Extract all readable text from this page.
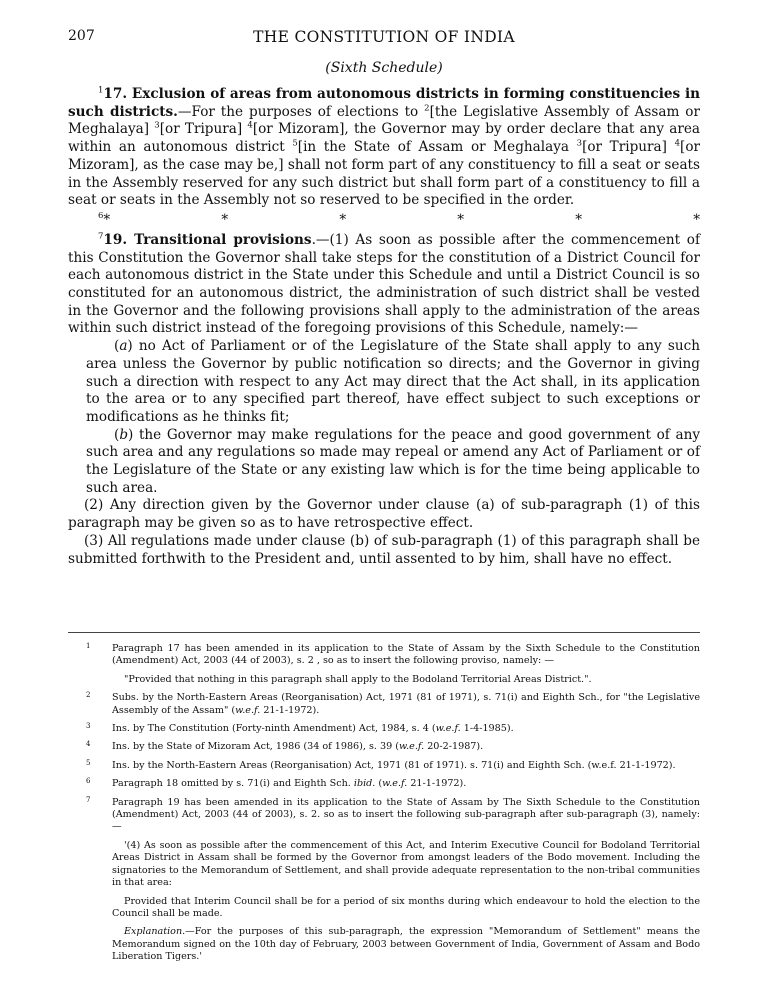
207	THE CONSTITUTION OF INDIA
(Sixth Schedule)

$^1$17. Exclusion of areas from autonomous districts in forming constituencies in such districts.—For the purposes of elections to $^2$[the Legislative Assembly of Assam or Meghalaya] $^3$[or Tripura] $^4$[or Mizoram], the Governor may by order declare that any area within an autonomous district $^5$[in the State of Assam or Meghalaya $^3$[or Tripura] $^4$[or Mizoram], as the case may be,] shall not form part of any constituency to fill a seat or seats in the Assembly reserved for any such district but shall form part of a constituency to fill a seat or seats in the Assembly not so reserved to be specified in the order.

6*	*	*	*	*	*

$^7$19. Transitional provisions.—(1) As soon as possible after the commencement of this Constitution the Governor shall take steps for the constitution of a District Council for each autonomous district in the State under this Schedule and until a District Council is so constituted for an autonomous district, the administration of such district shall be vested in the Governor and the following provisions shall apply to the administration of the areas within such district instead of the foregoing provisions of this Schedule, namely:—

(a) no Act of Parliament or of the Legislature of the State shall apply to any such area unless the Governor by public notification so directs; and the Governor in giving such a direction with respect to any Act may direct that the Act shall, in its application to the area or to any specified part thereof, have effect subject to such exceptions or modifications as he thinks fit;

(b) the Governor may make regulations for the peace and good government of any such area and any regulations so made may repeal or amend any Act of Parliament or of the Legislature of the State or any existing law which is for the time being applicable to such area.

(2) Any direction given by the Governor under clause (a) of sub-paragraph (1) of this paragraph may be given so as to have retrospective effect.

(3) All regulations made under clause (b) of sub-paragraph (1) of this paragraph shall be submitted forthwith to the President and, until assented to by him, shall have no effect.

1 Paragraph 17 has been amended in its application to the State of Assam by the Sixth Schedule to the Constitution (Amendment) Act, 2003 (44 of 2003), s. 2 , so as to insert the following proviso, namely: —
"Provided that nothing in this paragraph shall apply to the Bodoland Territorial Areas District.".
2 Subs. by the North-Eastern Areas (Reorganisation) Act, 1971 (81 of 1971), s. 71(i) and Eighth Sch., for "the Legislative Assembly of the Assam" (w.e.f. 21-1-1972).
3 Ins. by The Constitution (Forty-ninth Amendment) Act, 1984, s. 4 (w.e.f. 1-4-1985).
4 Ins. by the State of Mizoram Act, 1986 (34 of 1986), s. 39 (w.e.f. 20-2-1987).
5 Ins. by the North-Eastern Areas (Reorganisation) Act, 1971 (81 of 1971). s. 71(i) and Eighth Sch. (w.e.f. 21-1-1972).
6 Paragraph 18 omitted by s. 71(i) and Eighth Sch. ibid. (w.e.f. 21-1-1972).
7 Paragraph 19 has been amended in its application to the State of Assam by The Sixth Schedule to the Constitution (Amendment) Act, 2003 (44 of 2003), s. 2. so as to insert the following sub-paragraph after sub-paragraph (3), namely:—
'(4) As soon as possible after the commencement of this Act, and Interim Executive Council for Bodoland Territorial Areas District in Assam shall be formed by the Governor from amongst leaders of the Bodo movement. Including the signatories to the Memorandum of Settlement, and shall provide adequate representation to the non-tribal communities in that area:
Provided that Interim Council shall be for a period of six months during which endeavour to hold the election to the Council shall be made.
Explanation.—For the purposes of this sub-paragraph, the expression "Memorandum of Settlement" means the Memorandum signed on the 10th day of February, 2003 between Government of India, Government of Assam and Bodo Liberation Tigers.'
